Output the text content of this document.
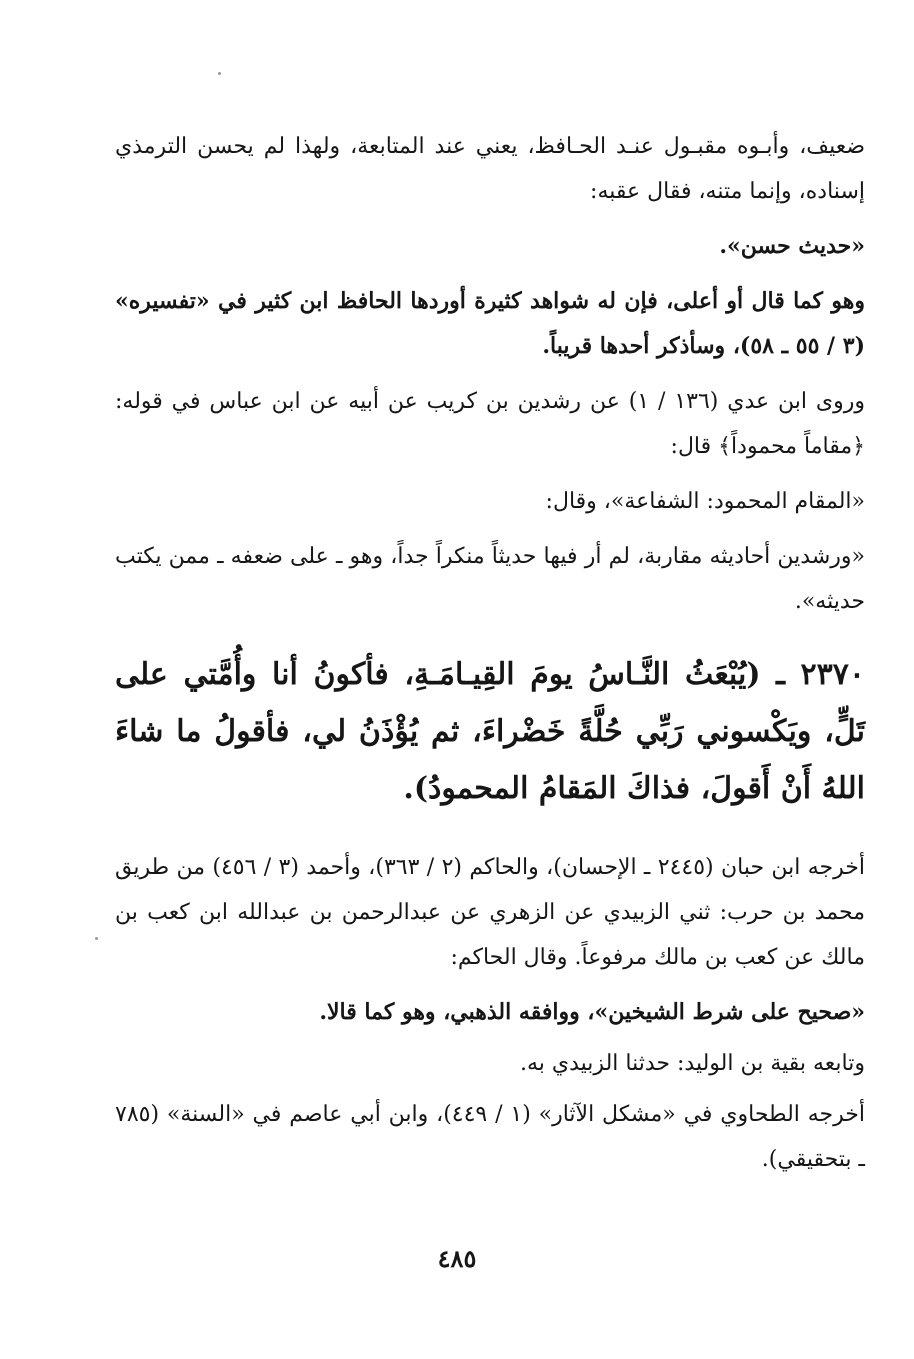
ضعيف، وأبـوه مقبـول عنـد الحـافظ، يعني عند المتابعة، ولهذا لم يحسن الترمذي إسناده، وإنما متنه، فقال عقبه:

«حديث حسن».

وهو كما قال أو أعلى، فإن له شواهد كثيرة أوردها الحافظ ابن كثير في «تفسيره» (٣ / ٥٥ ـ ٥٨)، وسأذكر أحدها قريباً.

وروى ابن عدي (١٣٦ / ١) عن رشدين بن كريب عن أبيه عن ابن عباس في قوله: ﴿مقاماً محموداً﴾ قال:

«المقام المحمود: الشفاعة»، وقال:

«ورشدين أحاديثه مقاربة، لم أر فيها حديثاً منكراً جداً، وهو ـ على ضعفه ـ ممن يكتب حديثه».

٢٣٧٠ ـ (يُبْعَثُ النَّـاسُ يومَ القِيـامَـةِ، فأكونُ أنا وأُمَّتي على تَلٍّ، ويَكْسوني رَبِّي حُلَّةً خَضْراءَ، ثم يُؤْذَنُ لي، فأقولُ ما شاءَ اللهُ أَنْ أَقولَ، فذاكَ المَقامُ المحمودُ).

أخرجه ابن حبان (٢٤٤٥ ـ الإحسان)، والحاكم (٢ / ٣٦٣)، وأحمد (٣ / ٤٥٦) من طريق محمد بن حرب: ثني الزبيدي عن الزهري عن عبدالرحمن بن عبدالله ابن كعب بن مالك عن كعب بن مالك مرفوعاً. وقال الحاكم:

«صحيح على شرط الشيخين»، ووافقه الذهبي، وهو كما قالا.

وتابعه بقية بن الوليد: حدثنا الزبيدي به.

أخرجه الطحاوي في «مشكل الآثار» (١ / ٤٤٩)، وابن أبي عاصم في «السنة» (٧٨٥ ـ بتحقيقي).

٤٨٥
